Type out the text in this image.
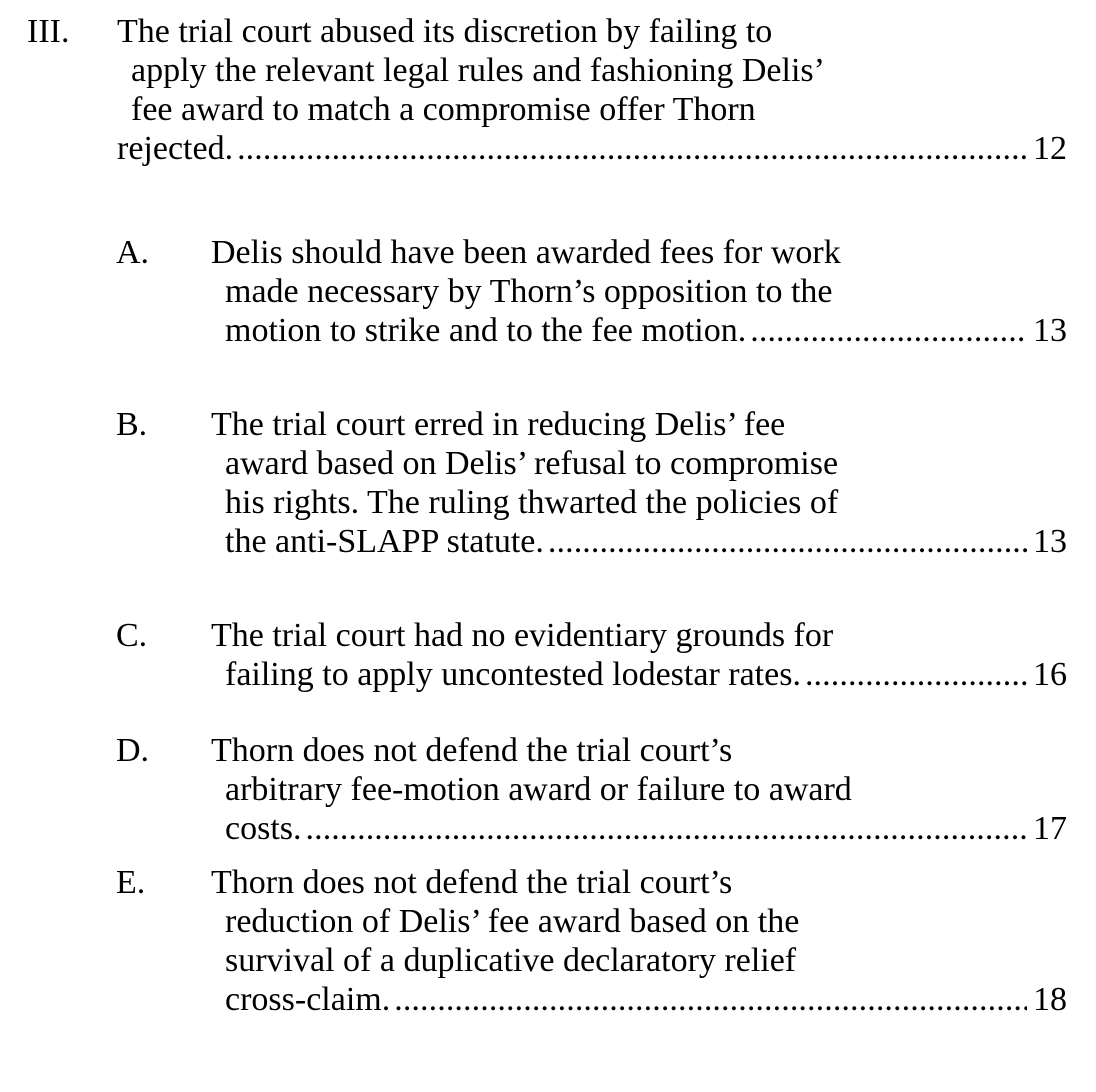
III. The trial court abused its discretion by failing to
apply the relevant legal rules and fashioning Delis’
fee award to match a compromise offer Thorn
rejected. . . .	12
A. Delis should have been awarded fees for work
made necessary by Thorn’s opposition to the
motion to strike and to the fee motion. . . .	13
B. The trial court erred in reducing Delis’ fee
award based on Delis’ refusal to compromise
his rights. The ruling thwarted the policies of
the anti-SLAPP statute. . . .	13
C. The trial court had no evidentiary grounds for
failing to apply uncontested lodestar rates. . . .	16
D. Thorn does not defend the trial court’s
arbitrary fee-motion award or failure to award
costs. . . .	17
E. Thorn does not defend the trial court’s
reduction of Delis’ fee award based on the
survival of a duplicative declaratory relief
cross-claim. . . .	18
